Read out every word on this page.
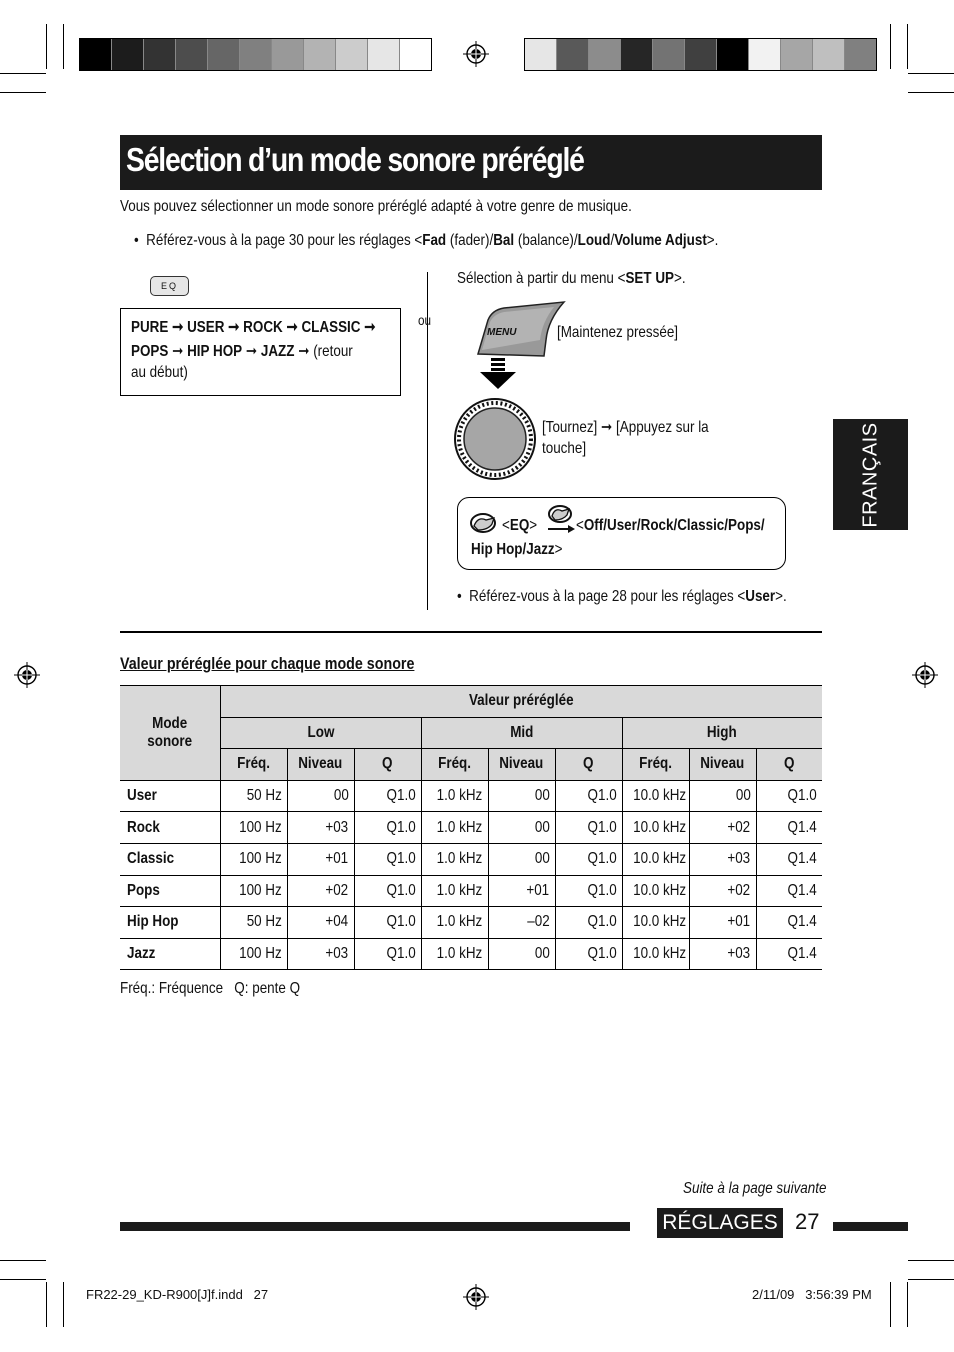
Sélection d’un mode sonore préréglé
Vous pouvez sélectionner un mode sonore préréglé adapté à votre genre de musique.
•  Référez-vous à la page 30 pour les réglages <Fad (fader)/Bal (balance)/Loud/Volume Adjust>.
EQ
PURE ➞ USER ➞ ROCK ➞ CLASSIC ➞
POPS ➞ HIP HOP ➞ JAZZ ➞ (retour
au début)
ou
Sélection à partir du menu <SET UP>.
MENU	[Maintenez pressée]
[Tournez] ➞ [Appuyez sur la
touche]
<EQ> <Off/User/Rock/Classic/Pops/
Hip Hop/Jazz>
•  Référez-vous à la page 28 pour les réglages <User>.
FRANÇAIS
Valeur préréglée pour chaque mode sonore
Mode
sonore	Valeur préréglée								
	Low			Mid			High		
	Fréq.	Niveau	Q	Fréq.	Niveau	Q	Fréq.	Niveau	Q
User	50 Hz	00	Q1.0	1.0 kHz	00	Q1.0	10.0 kHz	00	Q1.0
Rock	100 Hz	+03	Q1.0	1.0 kHz	00	Q1.0	10.0 kHz	+02	Q1.4
Classic	100 Hz	+01	Q1.0	1.0 kHz	00	Q1.0	10.0 kHz	+03	Q1.4
Pops	100 Hz	+02	Q1.0	1.0 kHz	+01	Q1.0	10.0 kHz	+02	Q1.4
Hip Hop	50 Hz	+04	Q1.0	1.0 kHz	–02	Q1.0	10.0 kHz	+01	Q1.4
Jazz	100 Hz	+03	Q1.0	1.0 kHz	00	Q1.0	10.0 kHz	+03	Q1.4
Fréq.: Fréquence   Q: pente Q
Suite à la page suivante
RÉGLAGES 27
FR22-29_KD-R900[J]f.indd   27	2/11/09   3:56:39 PM
